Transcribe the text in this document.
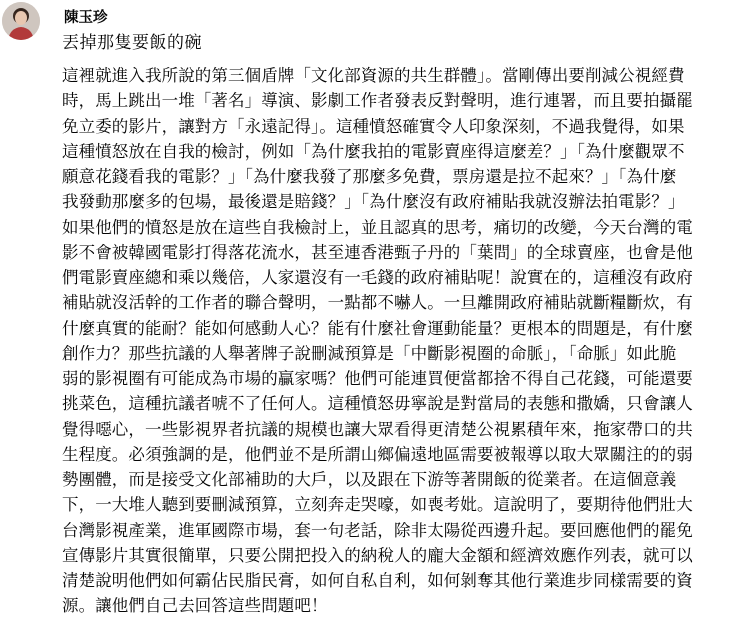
陳玉珍
丟掉那隻要飯的碗
這裡就進入我所說的第三個盾牌「文化部資源的共生群體」。當剛傳出要削減公視經費
時，馬上跳出一堆「著名」導演、影劇工作者發表反對聲明，進行連署，而且要拍攝罷
免立委的影片，讓對方「永遠記得」。這種憤怒確實令人印象深刻，不過我覺得，如果
這種憤怒放在自我的檢討，例如「為什麼我拍的電影賣座得這麼差？」「為什麼觀眾不
願意花錢看我的電影？」「為什麼我發了那麼多免費，票房還是拉不起來？」「為什麼
我發動那麼多的包場，最後還是賠錢？」「為什麼沒有政府補貼我就沒辦法拍電影？」
如果他們的憤怒是放在這些自我檢討上，並且認真的思考，痛切的改變，今天台灣的電
影不會被韓國電影打得落花流水，甚至連香港甄子丹的「葉問」的全球賣座，也會是他
們電影賣座總和乘以幾倍，人家還沒有一毛錢的政府補貼呢！說實在的，這種沒有政府
補貼就沒活幹的工作者的聯合聲明，一點都不嚇人。一旦離開政府補貼就斷糧斷炊，有
什麼真實的能耐？能如何感動人心？能有什麼社會運動能量？更根本的問題是，有什麼
創作力？那些抗議的人舉著牌子說刪減預算是「中斷影視圈的命脈」，「命脈」如此脆
弱的影視圈有可能成為市場的贏家嗎？他們可能連買便當都捨不得自己花錢，可能還要
挑菜色，這種抗議者唬不了任何人。這種憤怒毋寧說是對當局的表態和撒嬌，只會讓人
覺得噁心，一些影視界者抗議的規模也讓大眾看得更清楚公視累積年來，拖家帶口的共
生程度。必須強調的是，他們並不是所謂山鄉偏遠地區需要被報導以取大眾關注的的弱
勢團體，而是接受文化部補助的大戶，以及跟在下游等著開飯的從業者。在這個意義
下，一大堆人聽到要刪減預算，立刻奔走哭嚎，如喪考妣。這說明了，要期待他們壯大
台灣影視產業，進軍國際市場，套一句老話，除非太陽從西邊升起。要回應他們的罷免
宣傳影片其實很簡單，只要公開把投入的納稅人的龐大金額和經濟效應作列表，就可以
清楚說明他們如何霸佔民脂民膏，如何自私自利，如何剝奪其他行業進步同樣需要的資
源。讓他們自己去回答這些問題吧！
